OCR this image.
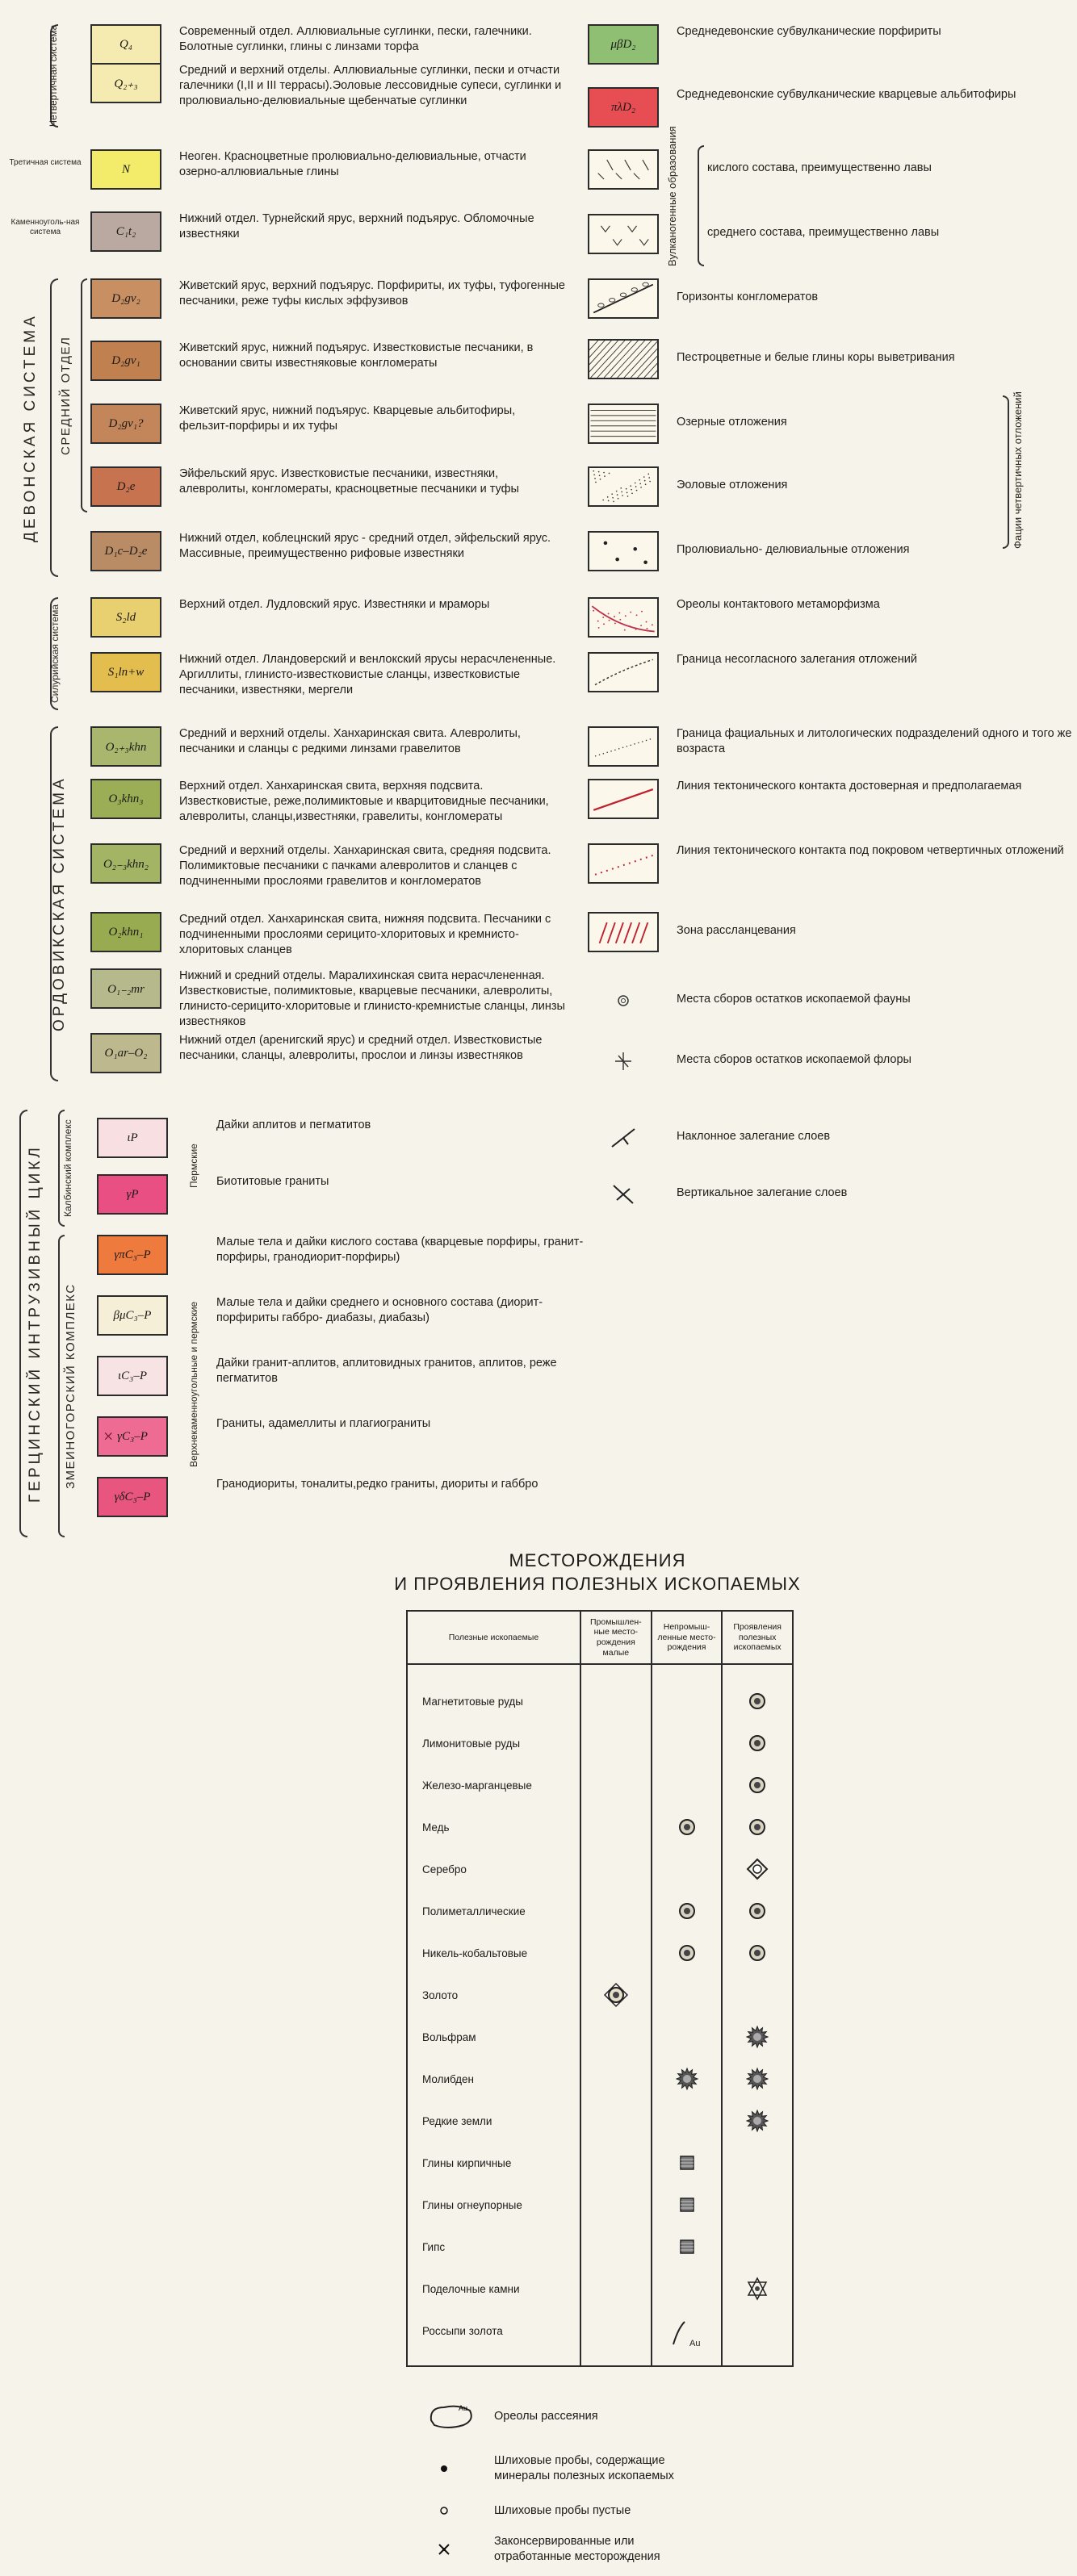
Четвертичная система
Третичная система
Каменноуголь-ная система
ДЕВОНСКАЯ СИСТЕМА	СРЕДНИЙ ОТДЕЛ
Силурийская система
ОРДОВИКСКАЯ СИСТЕМА
ГЕРЦИНСКИЙ ИНТРУЗИВНЫЙ ЦИКЛ	Калбинский комплекс
ЗМЕИНОГОРСКИЙ КОМПЛЕКС
Пермские
Верхнекаменноугольные и пермские
Вулканогенные образования
Фации четвертичных отложений
МЕСТОРОЖДЕНИЯ
И ПРОЯВЛЕНИЯ ПОЛЕЗНЫХ ИСКОПАЕМЫХ
Полезные ископаемые	Промышлен-ные место-рождения малые	Непромыш-ленные место-рождения	Проявления полезных ископаемых

Магнетитовые руды			
Лимонитовые руды			
Железо-марганцевые			
Медь			
Серебро			
Полиметаллические			
Никель-кобальтовые			
Золото			
Вольфрам			
Молибден			
Редкие земли			
Глины кирпичные			
Глины огнеупорные			
Гипс			
Поделочные камни			
Россыпи золота		Au	

Au
Ореолы рассеяния
Шлиховые пробы, содержащие минералы полезных ископаемых
Шлиховые пробы пустые
Законсервированные или отработанные месторождения
Q₄
Современный отдел. Аллювиальные суглинки, пески, галечники. Болотные суглинки, глины с линзами торфа
Q₂₊₃
Средний и верхний отделы. Аллювиальные суглинки, пески и отчасти галечники (I,II и III террасы).Эоловые лессовидные супеси, суглинки и пролювиально-делювиальные щебенчатые суглинки
N
Неоген. Красноцветные пролювиально-делювиальные, отчасти озерно-аллювиальные глины
C₁t₂
Нижний отдел. Турнейский ярус, верхний подъярус. Обломочные известняки
D₂gv₂
Живетский ярус, верхний подъярус. Порфириты, их туфы, туфогенные песчаники, реже туфы кислых эффузивов
D₂gv₁
Живетский ярус, нижний подъярус. Известковистые песчаники, в основании свиты известняковые конгломераты
D₂gv₁?
Живетский ярус, нижний подъярус. Кварцевые альбитофиры, фельзит-порфиры и их туфы
D₂e
Эйфельский ярус. Известковистые песчаники, известняки, алевролиты, конгломераты, красноцветные песчаники и туфы
D₁c–D₂e
Нижний отдел, коблецнский ярус - средний отдел, эйфельский ярус. Массивные, преимущественно рифовые известняки
S₂ld
Верхний отдел. Лудловский ярус. Известняки и мраморы
S₁ln+w
Нижний отдел. Лландоверский и венлокский ярусы нерасчлененные. Аргиллиты, глинисто-известковистые сланцы, известковистые песчаники, известняки, мергели
O₂₊₃khn
Средний и верхний отделы. Ханхаринская свита. Алевролиты, песчаники и сланцы с редкими линзами гравелитов
O₃khn₃
Верхний отдел. Ханхаринская свита, верхняя подсвита. Известковистые, реже,полимиктовые и кварцитовидные песчаники, алевролиты, сланцы,известняки, гравелиты, конгломераты
O₂₋₃khn₂
Средний и верхний отделы. Ханхаринская свита, средняя подсвита. Полимиктовые песчаники с пачками алевролитов и сланцев с подчиненными прослоями гравелитов и конгломератов
O₂khn₁
Средний отдел. Ханхаринская свита, нижняя подсвита. Песчаники с подчиненными прослоями серицито-хлоритовых и кремнисто-хлоритовых сланцев
O₁₋₂mr
Нижний и средний отделы. Маралихинская свита нерасчлененная. Известковистые, полимиктовые, кварцевые песчаники, алевролиты, глинисто-серицито-хлоритовые и глинисто-кремнистые сланцы, линзы известняков
O₁ar–O₂
Нижний отдел (аренигский ярус) и средний отдел. Известковистые песчаники, сланцы, алевролиты, прослои и линзы известняков
ιP
Дайки аплитов и пегматитов
γP
Биотитовые граниты
γπC₃–P
Малые тела и дайки кислого состава (кварцевые порфиры, гранит- порфиры, гранодиорит-порфиры)
βμC₃–P
Малые тела и дайки среднего и основного состава (диорит-порфириты габбро- диабазы, диабазы)
ιC₃–P
Дайки гранит-аплитов, аплитовидных гранитов, аплитов, реже пегматитов
γC₃–P
×
Граниты, адамеллиты и плагиограниты
γδC₃–P
Гранодиориты, тоналиты,редко граниты, диориты и габбро
μβD₂
Среднедевонские субвулканические порфириты
πλD₂
Среднедевонские субвулканические кварцевые альбитофиры
кислого состава, преимущественно лавы
среднего состава, преимущественно лавы
Горизонты конгломератов
Пестроцветные и белые глины коры выветривания
Озерные отложения
Эоловые отложения
Пролювиально- делювиальные отложения
Ореолы контактового метаморфизма
Граница несогласного залегания отложений
Граница фациальных и литологических подразделений одного и того же возраста
Линия тектонического контакта достоверная и предполагаемая
Линия тектонического контакта под покровом четвертичных отложений
Зона рассланцевания
Места сборов остатков ископаемой фауны
Места сборов остатков ископаемой флоры
Наклонное залегание слоев
Вертикальное залегание слоев
